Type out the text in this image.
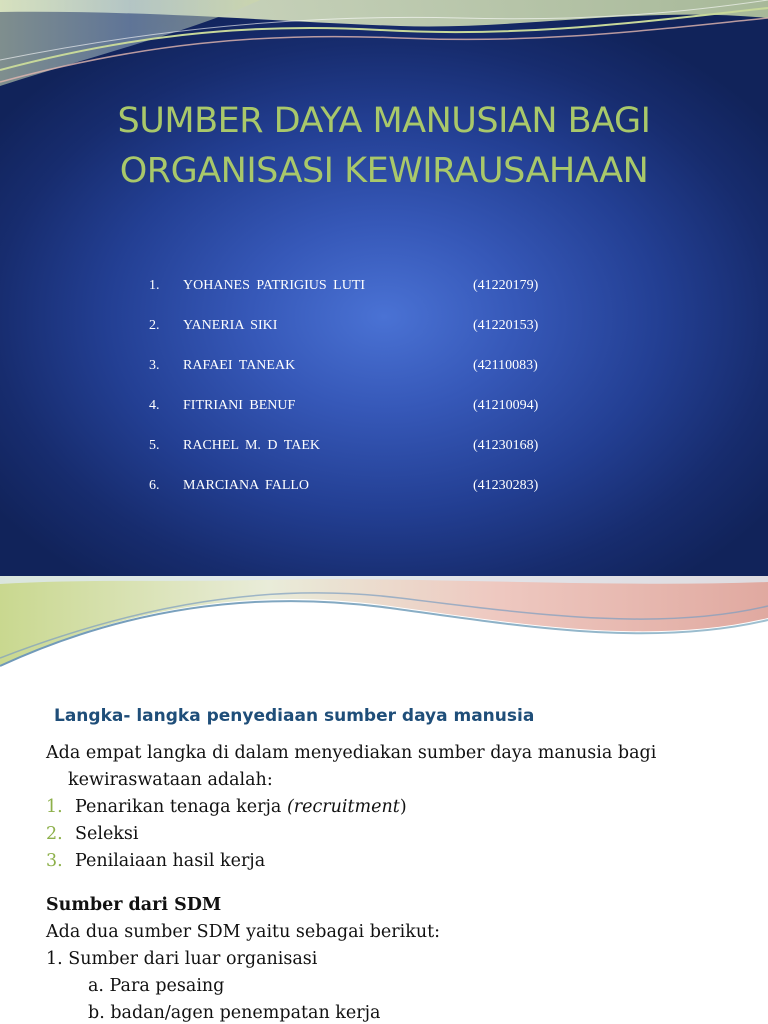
SUMBER DAYA MANUSIAN BAGI
ORGANISASI KEWIRAUSAHAAN
1. YOHANES PATRIGIUS LUTI	(41220179)
2. YANERIA SIKI	(41220153)
3. RAFAEI TANEAK	(42110083)
4. FITRIANI BENUF	(41210094)
5. RACHEL M. D TAEK	(41230168)
6. MARCIANA FALLO	(41230283)
Langka- langka penyediaan sumber daya manusia

Ada empat langka di dalam menyediakan sumber daya manusia bagi
kewiraswataan adalah:

1. Penarikan tenaga kerja (recruitment)
2. Seleksi
3. Penilaiaan hasil kerja
Sumber dari SDM
Ada dua sumber SDM yaitu sebagai berikut:
1. Sumber dari luar organisasi
a. Para pesaing
b. badan/agen penempatan kerja
